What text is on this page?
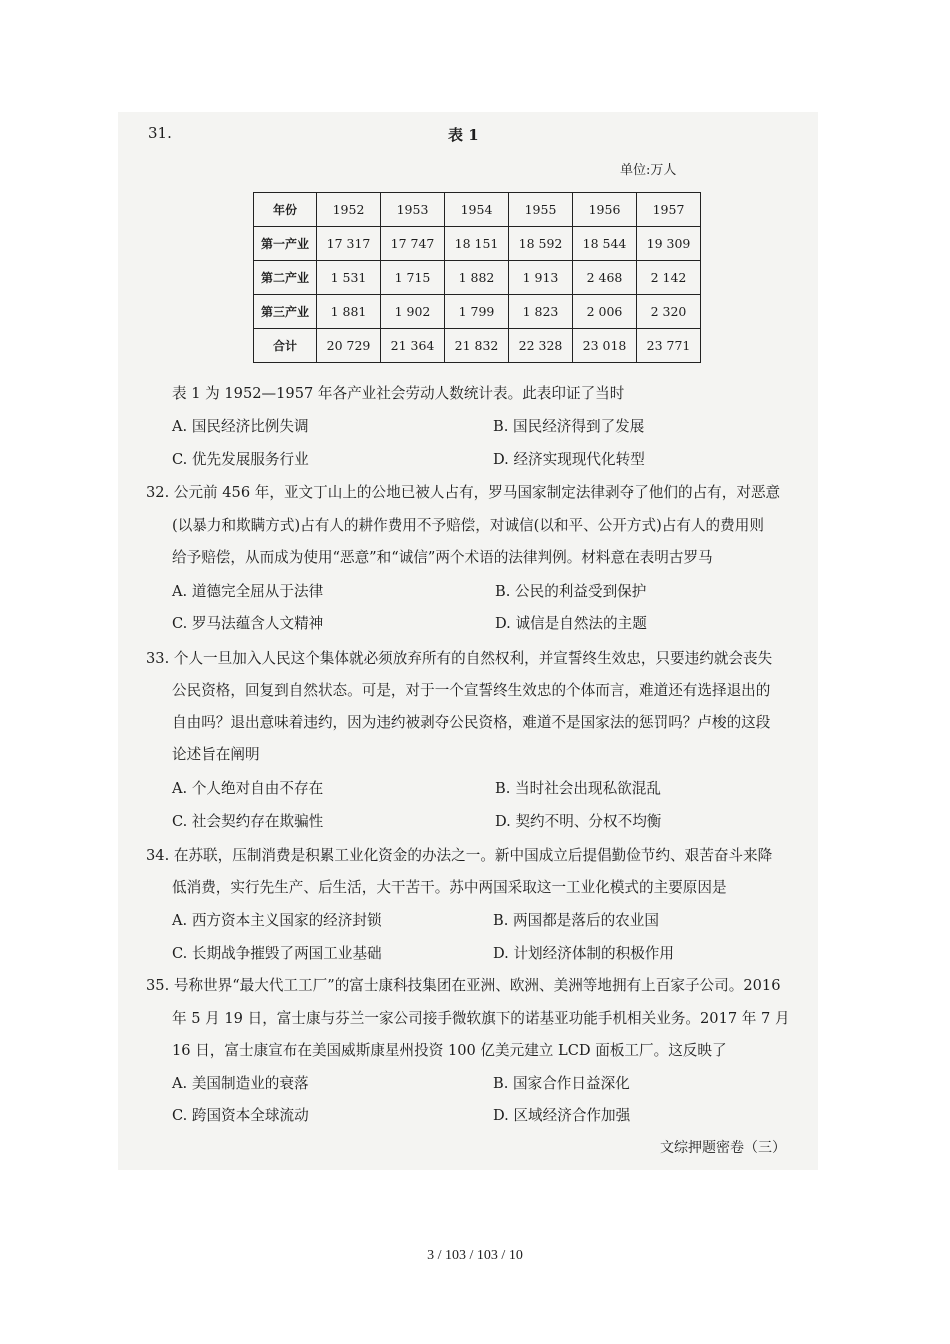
31.	表 1
单位:万人
年份	1952	1953	1954	1955	1956	1957
第一产业	17 317	17 747	18 151	18 592	18 544	19 309
第二产业	1 531	1 715	1 882	1 913	2 468	2 142
第三产业	1 881	1 902	1 799	1 823	2 006	2 320
合计	20 729	21 364	21 832	22 328	23 018	23 771
表 1 为 1952—1957 年各产业社会劳动人数统计表。此表印证了当时
A. 国民经济比例失调	B. 国民经济得到了发展
C. 优先发展服务行业	D. 经济实现现代化转型
32. 公元前 456 年，亚文丁山上的公地已被人占有，罗马国家制定法律剥夺了他们的占有，对恶意
(以暴力和欺瞒方式)占有人的耕作费用不予赔偿，对诚信(以和平、公开方式)占有人的费用则
给予赔偿，从而成为使用“恶意”和“诚信”两个术语的法律判例。材料意在表明古罗马
A. 道德完全屈从于法律	B. 公民的利益受到保护
C. 罗马法蕴含人文精神	D. 诚信是自然法的主题
33. 个人一旦加入人民这个集体就必须放弃所有的自然权利，并宣誓终生效忠，只要违约就会丧失
公民资格，回复到自然状态。可是，对于一个宣誓终生效忠的个体而言，难道还有选择退出的
自由吗？退出意味着违约，因为违约被剥夺公民资格，难道不是国家法的惩罚吗？卢梭的这段
论述旨在阐明
A. 个人绝对自由不存在	B. 当时社会出现私欲混乱
C. 社会契约存在欺骗性	D. 契约不明、分权不均衡
34. 在苏联，压制消费是积累工业化资金的办法之一。新中国成立后提倡勤俭节约、艰苦奋斗来降
低消费，实行先生产、后生活，大干苦干。苏中两国采取这一工业化模式的主要原因是
A. 西方资本主义国家的经济封锁	B. 两国都是落后的农业国
C. 长期战争摧毁了两国工业基础	D. 计划经济体制的积极作用
35. 号称世界“最大代工工厂”的富士康科技集团在亚洲、欧洲、美洲等地拥有上百家子公司。2016
年 5 月 19 日，富士康与芬兰一家公司接手微软旗下的诺基亚功能手机相关业务。2017 年 7 月
16 日，富士康宣布在美国威斯康星州投资 100 亿美元建立 LCD 面板工厂。这反映了
A. 美国制造业的衰落	B. 国家合作日益深化
C. 跨国资本全球流动	D. 区域经济合作加强
文综押题密卷（三）
3 / 103 / 103 / 10
